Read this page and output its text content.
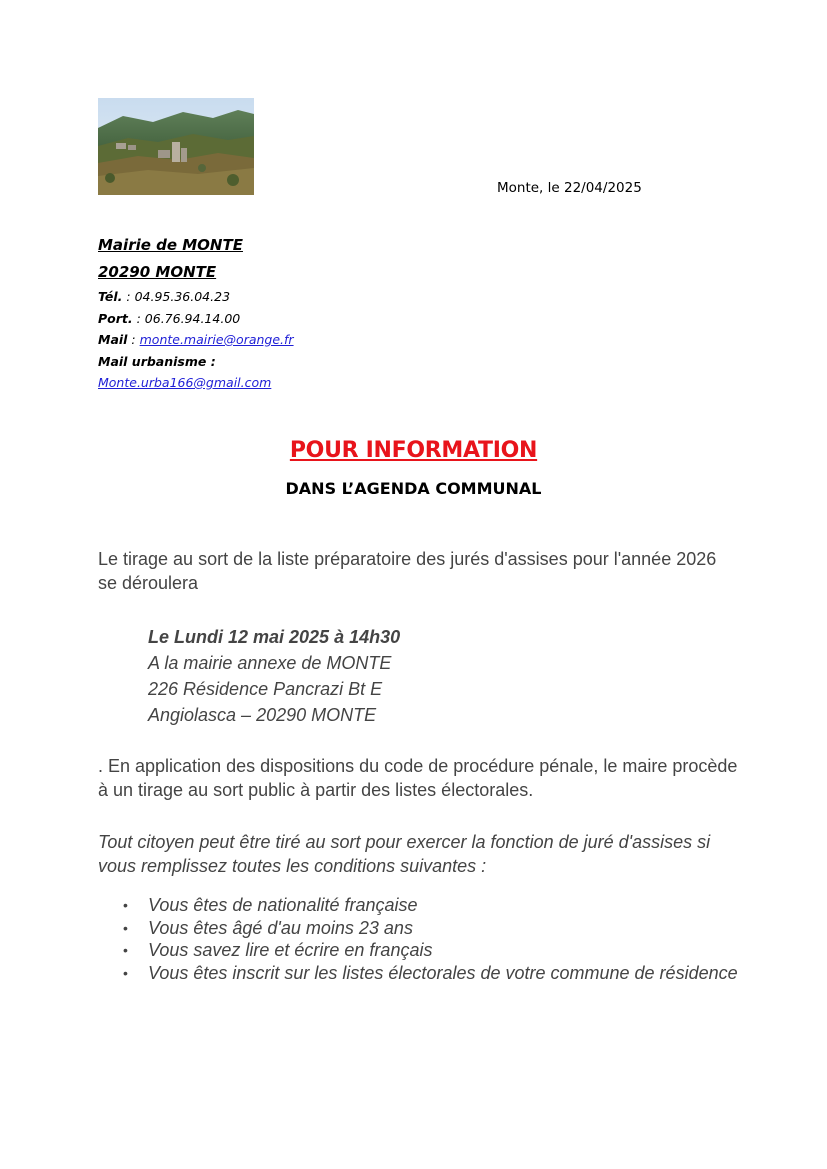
Monte, le 22/04/2025
Mairie de MONTE
20290 MONTE
Tél. : 04.95.36.04.23
Port. : 06.76.94.14.00
Mail : monte.mairie@orange.fr
Mail urbanisme :
Monte.urba166@gmail.com
POUR INFORMATION
DANS L’AGENDA COMMUNAL
Le tirage au sort de la liste préparatoire des jurés d'assises pour l'année 2026 se déroulera
Le Lundi 12 mai 2025 à 14h30
A la mairie annexe de MONTE
226 Résidence Pancrazi Bt E
Angiolasca – 20290 MONTE
. En application des dispositions du code de procédure pénale, le maire procède à un tirage au sort public à partir des listes électorales.
Tout citoyen peut être tiré au sort pour exercer la fonction de juré d'assises si vous remplissez toutes les conditions suivantes :
• Vous êtes de nationalité française
• Vous êtes âgé d'au moins 23 ans
• Vous savez lire et écrire en français
• Vous êtes inscrit sur les listes électorales de votre commune de résidence
